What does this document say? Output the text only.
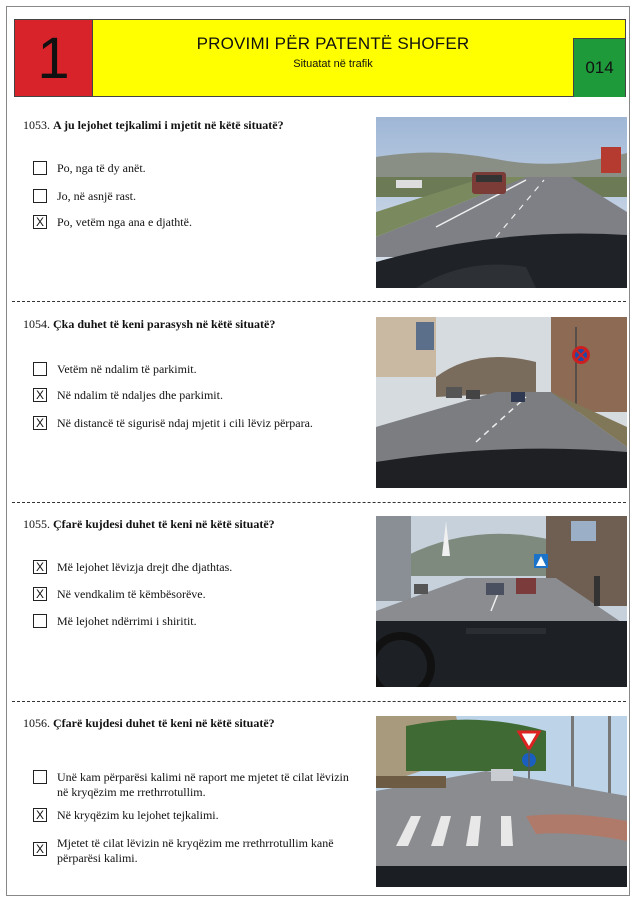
1	PROVIMI PËR PATENTË SHOFER
Situatat në trafik	014
1053. A ju lejohet tejkalimi i mjetit në këtë situatë?
Po, nga të dy anët.
Jo, në asnjë rast.
X Po, vetëm nga ana e djathtë.
1054. Çka duhet të keni parasysh në këtë situatë?
Vetëm në ndalim të parkimit.
X Në ndalim të ndaljes dhe parkimit.
X Në distancë të sigurisë ndaj mjetit i cili lëviz përpara.
1055. Çfarë kujdesi duhet të keni në këtë situatë?
X Më lejohet lëvizja drejt dhe djathtas.
X Në vendkalim të këmbësorëve.
Më lejohet ndërrimi i shiritit.
1056. Çfarë kujdesi duhet të keni në këtë situatë?
Unë kam përparësi kalimi në raport me mjetet të cilat lëvizin në kryqëzim me rrethrrotullim.
X Në kryqëzim ku lejohet tejkalimi.
X Mjetet të cilat lëvizin në kryqëzim me rrethrrotullim kanë përparësi kalimi.
